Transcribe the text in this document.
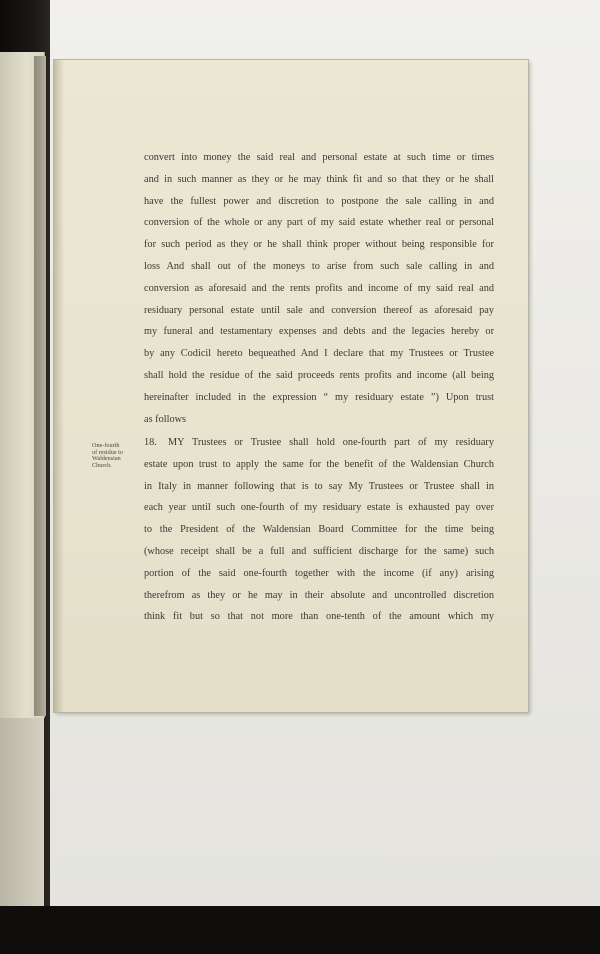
convert into money the said real and personal estate at such time or times
and in such manner as they or he may think fit and so that they or he shall
have the fullest power and discretion to postpone the sale calling in and
conversion of the whole or any part of my said estate whether real or personal
for such period as they or he shall think proper without being responsible for
loss And shall out of the moneys to arise from such sale calling in and
conversion as aforesaid and the rents profits and income of my said real and
residuary personal estate until sale and conversion thereof as aforesaid pay
my funeral and testamentary expenses and debts and the legacies hereby or
by any Codicil hereto bequeathed And I declare that my Trustees or Trustee
shall hold the residue of the said proceeds rents profits and income (all being
hereinafter included in the expression “ my residuary estate ”) Upon trust
as follows
One-fourth
of residue to
Waldensian
Church.
18. MY Trustees or Trustee shall hold one-fourth part of my residuary
estate upon trust to apply the same for the benefit of the Waldensian Church
in Italy in manner following that is to say My Trustees or Trustee shall in
each year until such one-fourth of my residuary estate is exhausted pay over
to the President of the Waldensian Board Committee for the time being
(whose receipt shall be a full and sufficient discharge for the same) such
portion of the said one-fourth together with the income (if any) arising
therefrom as they or he may in their absolute and uncontrolled discretion
think fit but so that not more than one-tenth of the amount which my
